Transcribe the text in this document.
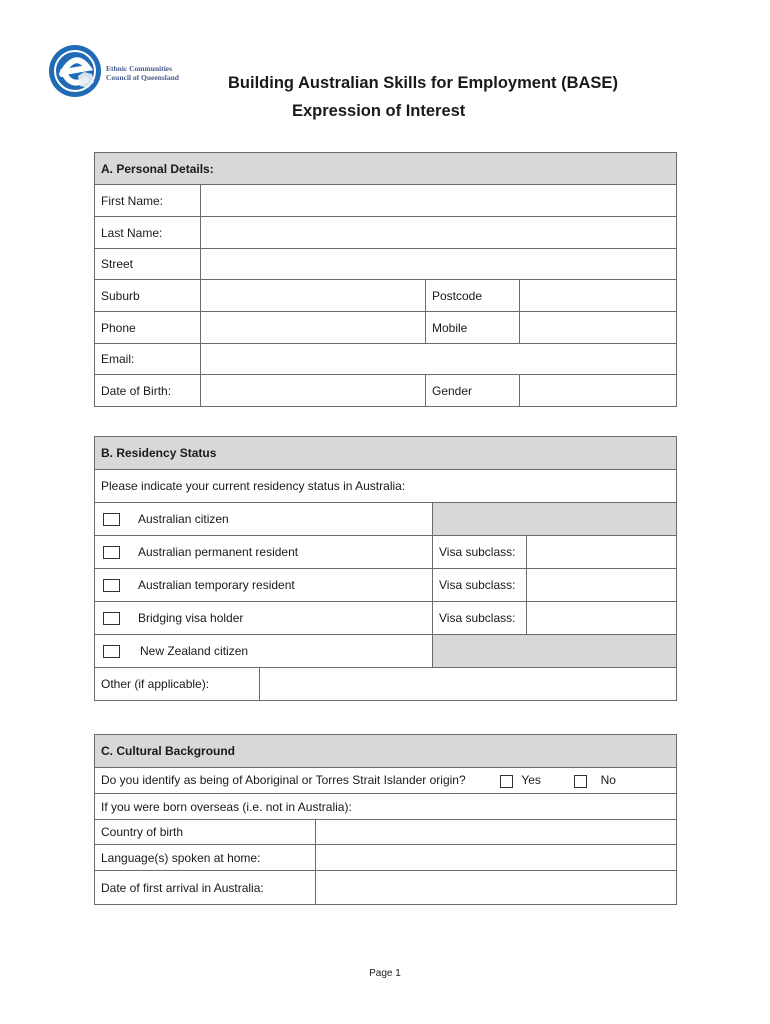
Ethnic Communities
Council of Queensland	Building Australian Skills for Employment (BASE)
Expression of Interest
A. Personal Details:			
First Name:			
Last Name:			
Street			
Suburb		Postcode	
Phone		Mobile	
Email:			
Date of Birth:		Gender	
B. Residency Status			
Please indicate your current residency status in Australia:			
Australian citizen			
Australian permanent resident		Visa subclass:	
Australian temporary resident		Visa subclass:	
Bridging visa holder		Visa subclass:	
New Zealand citizen			
Other (if applicable):			
C. Cultural Background	
Do you identify as being of Aboriginal or Torres Strait Islander origin? Yes No	
If you were born overseas (i.e. not in Australia):	
Country of birth	
Language(s) spoken at home:	
Date of first arrival in Australia:	
Page 1
